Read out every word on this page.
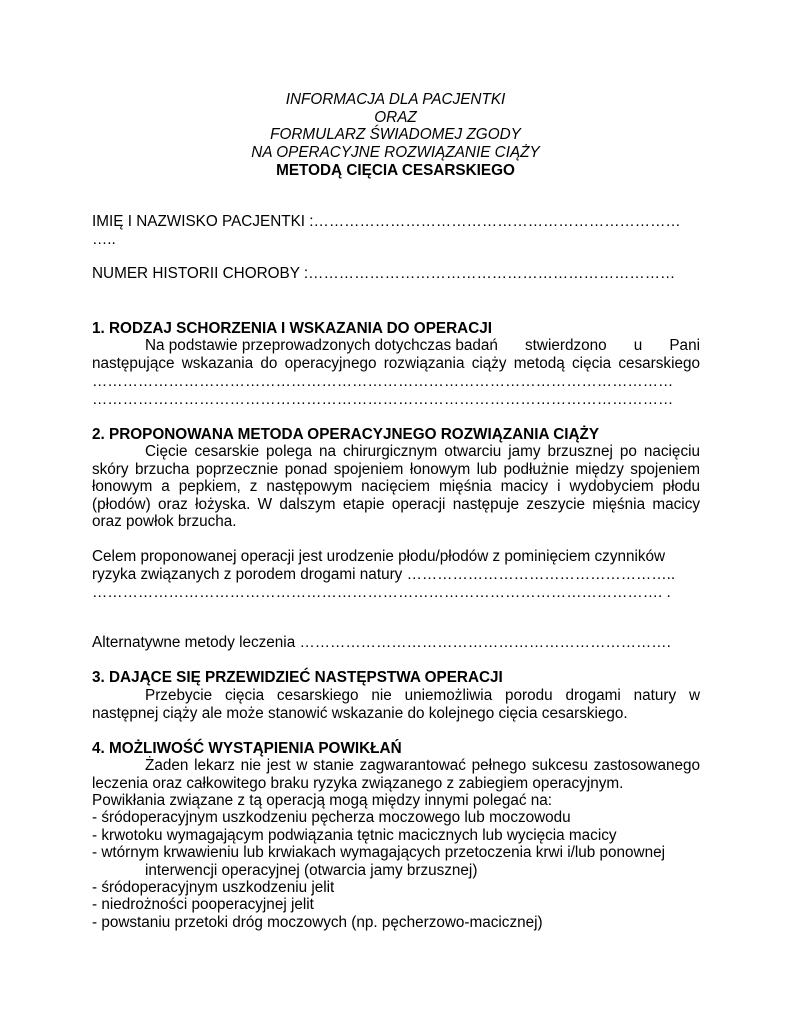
INFORMACJA DLA PACJENTKI
ORAZ
FORMULARZ ŚWIADOMEJ ZGODY
NA OPERACYJNE ROZWIĄZANIE CIĄŻY
METODĄ CIĘCIA CESARSKIEGO
IMIĘ I NAZWISKO PACJENTKI :………………………………………………………………
…..
NUMER HISTORII CHOROBY :………………………………………………………………
1. RODZAJ SCHORZENIA I WSKAZANIA DO OPERACJI
Na podstawie przeprowadzonych dotychczas badań stwierdzono u Pani
następujące wskazania do operacyjnego rozwiązania ciąży metodą cięcia cesarskiego
……………………………………………………………………………………………………
……………………………………………………………………………………………………
2. PROPONOWANA METODA OPERACYJNEGO ROZWIĄZANIA CIĄŻY
Cięcie cesarskie polega na chirurgicznym otwarciu jamy brzusznej po nacięciu
skóry brzucha poprzecznie ponad spojeniem łonowym lub podłużnie między spojeniem
łonowym a pepkiem, z następowym nacięciem mięśnia macicy i wydobyciem płodu
(płodów) oraz łożyska. W dalszym etapie operacji następuje zeszycie mięśnia macicy
oraz powłok brzucha.
Celem proponowanej operacji jest urodzenie płodu/płodów z pominięciem czynników
ryzyka związanych z porodem drogami natury ……………………………………………..
…………………………………………………………………………………………………. .
Alternatywne metody leczenia ……………………………………………………………….
3. DAJĄCE SIĘ PRZEWIDZIEĆ NASTĘPSTWA OPERACJI
Przebycie cięcia cesarskiego nie uniemożliwia porodu drogami natury w
następnej ciąży ale może stanowić wskazanie do kolejnego cięcia cesarskiego.
4. MOŻLIWOŚĆ WYSTĄPIENIA POWIKŁAŃ
Żaden lekarz nie jest w stanie zagwarantować pełnego sukcesu zastosowanego
leczenia oraz całkowitego braku ryzyka związanego z zabiegiem operacyjnym.
Powikłania związane z tą operacją mogą między innymi polegać na:
- śródoperacyjnym uszkodzeniu pęcherza moczowego lub moczowodu
- krwotoku wymagającym podwiązania tętnic macicznych lub wycięcia macicy
- wtórnym krwawieniu lub krwiakach wymagających przetoczenia krwi i/lub ponownej
interwencji operacyjnej (otwarcia jamy brzusznej)
- śródoperacyjnym uszkodzeniu jelit
- niedrożności pooperacyjnej jelit
- powstaniu przetoki dróg moczowych (np. pęcherzowo-macicznej)
